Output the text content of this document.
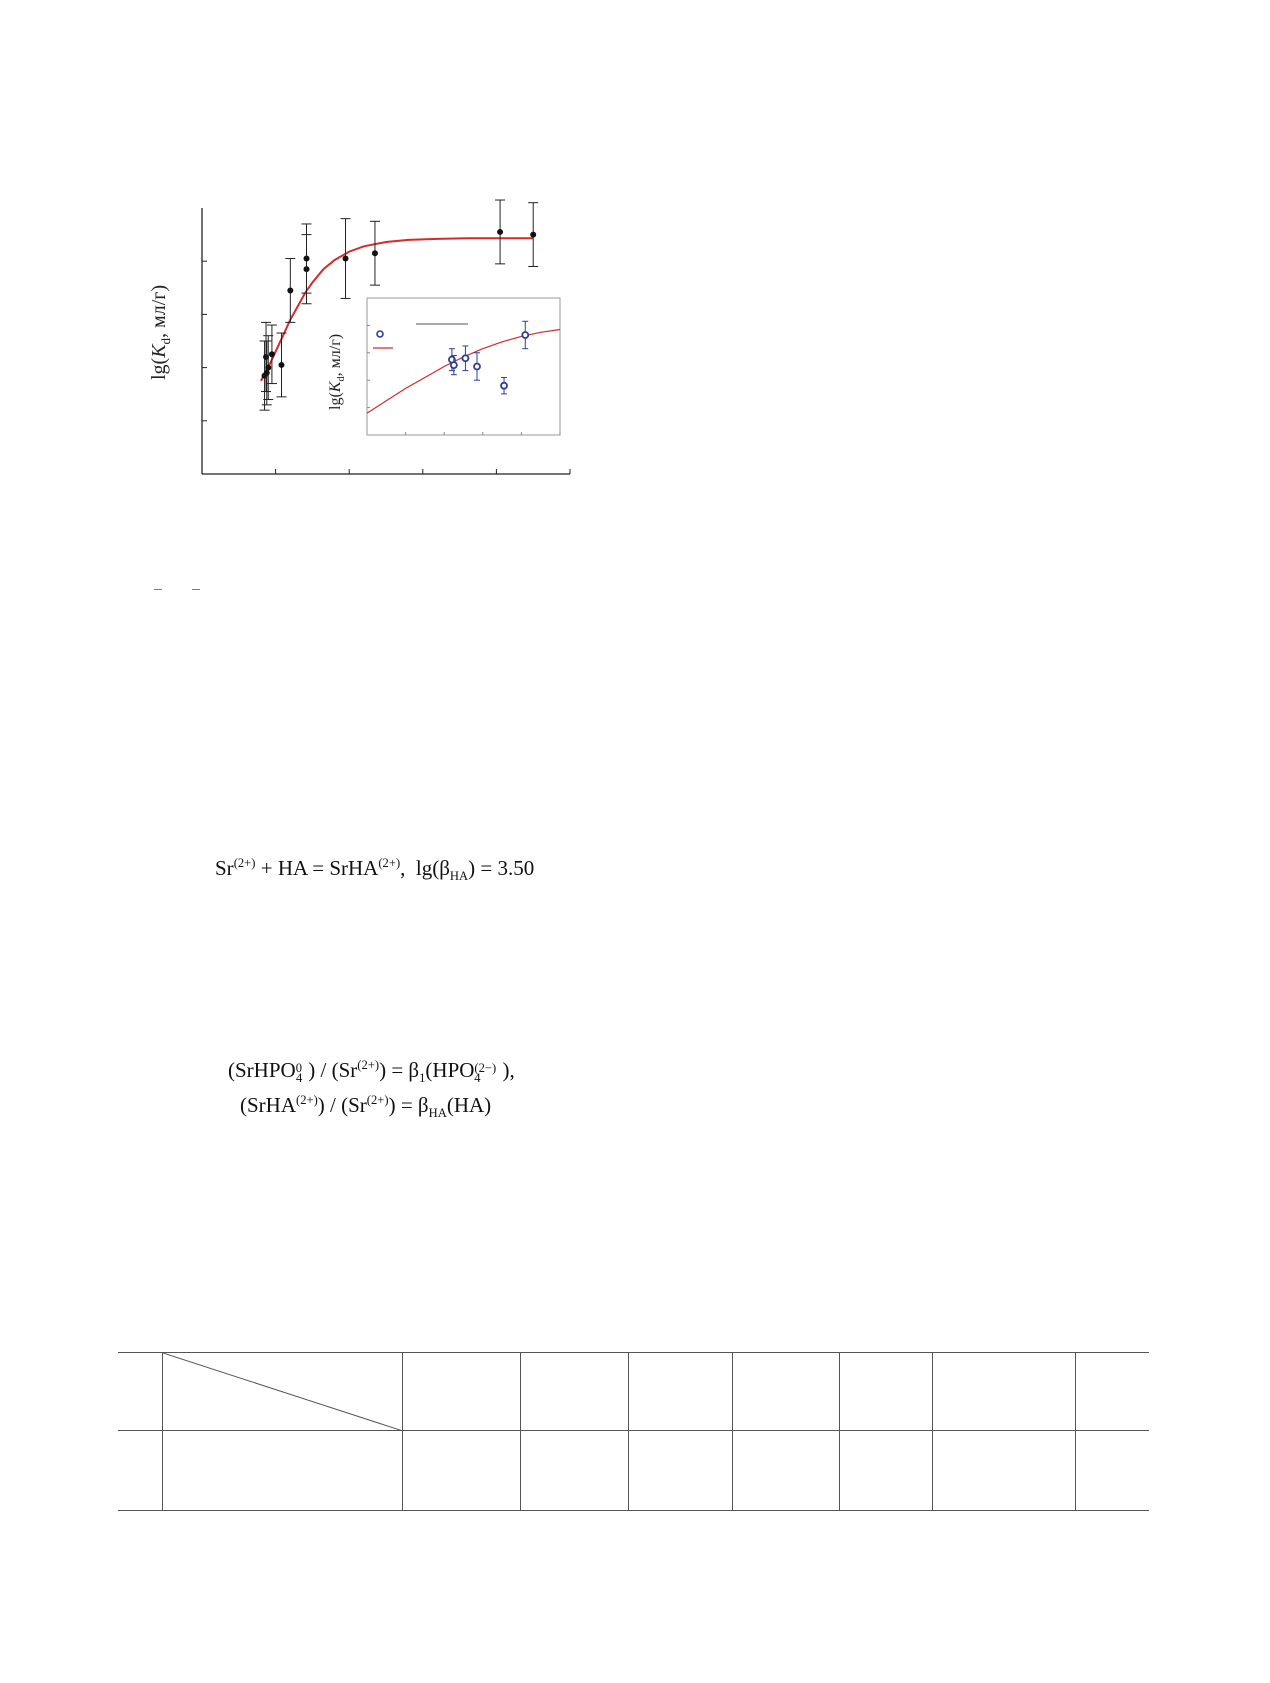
$\lg(K_d$, мл/г)
$\lg(K_d$, мл/г)
$Sr^{(2+)}$ + HA = SrHA$^{(2+)}$,  $\lg(\beta_{HA}) = 3.50$
(SrHPO$_{04}$ ) / $(Sr^{(2+)}) = \beta_1(HPO_{(2-)4}$ ),
(SrHA$^{(2+)}$) / $(Sr^{(2+)}) = \beta_{HA}(HA)$
